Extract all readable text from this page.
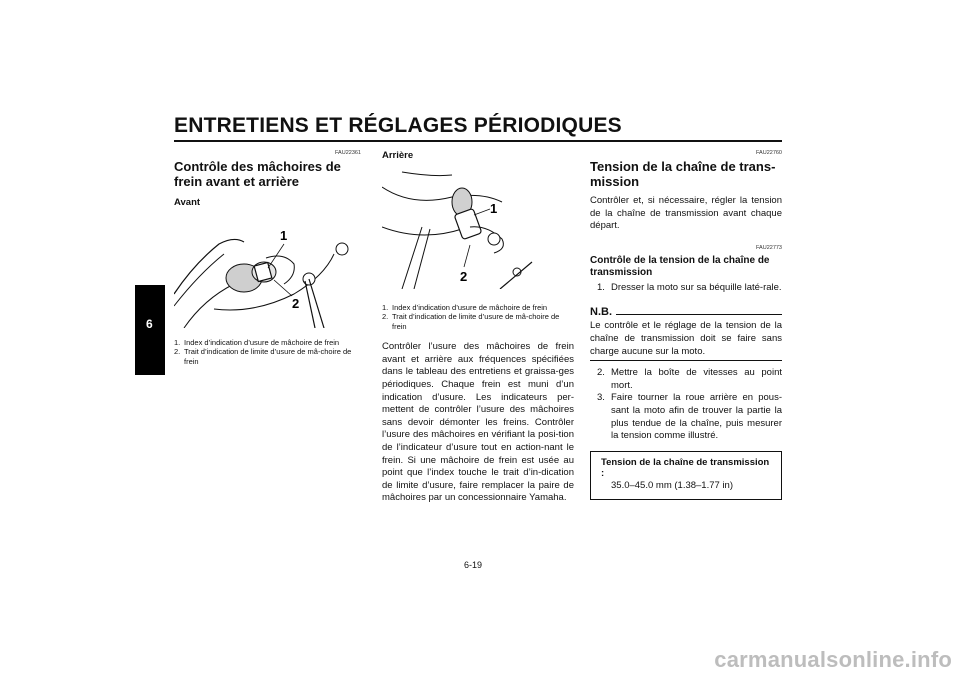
ENTRETIENS ET RÉGLAGES PÉRIODIQUES
6
FAU22361
Contrôle des mâchoires de frein avant et arrière
Avant
1
2
1. Index d’indication d’usure de mâchoire de frein
2. Trait d’indication de limite d’usure de mâ-choire de frein
Arrière
1
2
1. Index d’indication d’usure de mâchoire de frein
2. Trait d’indication de limite d’usure de mâ-choire de frein

Contrôler l’usure des mâchoires de frein avant et arrière aux fréquences spécifiées dans le tableau des entretiens et graissa-ges périodiques. Chaque frein est muni d’un indication d’usure. Les indicateurs per-mettent de contrôler l’usure des mâchoires sans devoir démonter les freins. Contrôler l’usure des mâchoires en vérifiant la posi-tion de l’indicateur d’usure tout en action-nant le frein. Si une mâchoire de frein est usée au point que l’index touche le trait d’in-dication de limite d’usure, faire remplacer la paire de mâchoires par un concessionnaire Yamaha.

FAU22760
Tension de la chaîne de trans-mission

Contrôler et, si nécessaire, régler la tension de la chaîne de transmission avant chaque départ.

FAU22773
Contrôle de la tension de la chaîne de transmission
1. Dresser la moto sur sa béquille laté-rale.
N.B.

Le contrôle et le réglage de la tension de la chaîne de transmission doit se faire sans charge aucune sur la moto.

2. Mettre la boîte de vitesses au point mort.
3. Faire tourner la roue arrière en pous-sant la moto afin de trouver la partie la plus tendue de la chaîne, puis mesurer la tension comme illustré.
Tension de la chaîne de transmission :
35.0–45.0 mm (1.38–1.77 in)
6-19
carmanualsonline.info
